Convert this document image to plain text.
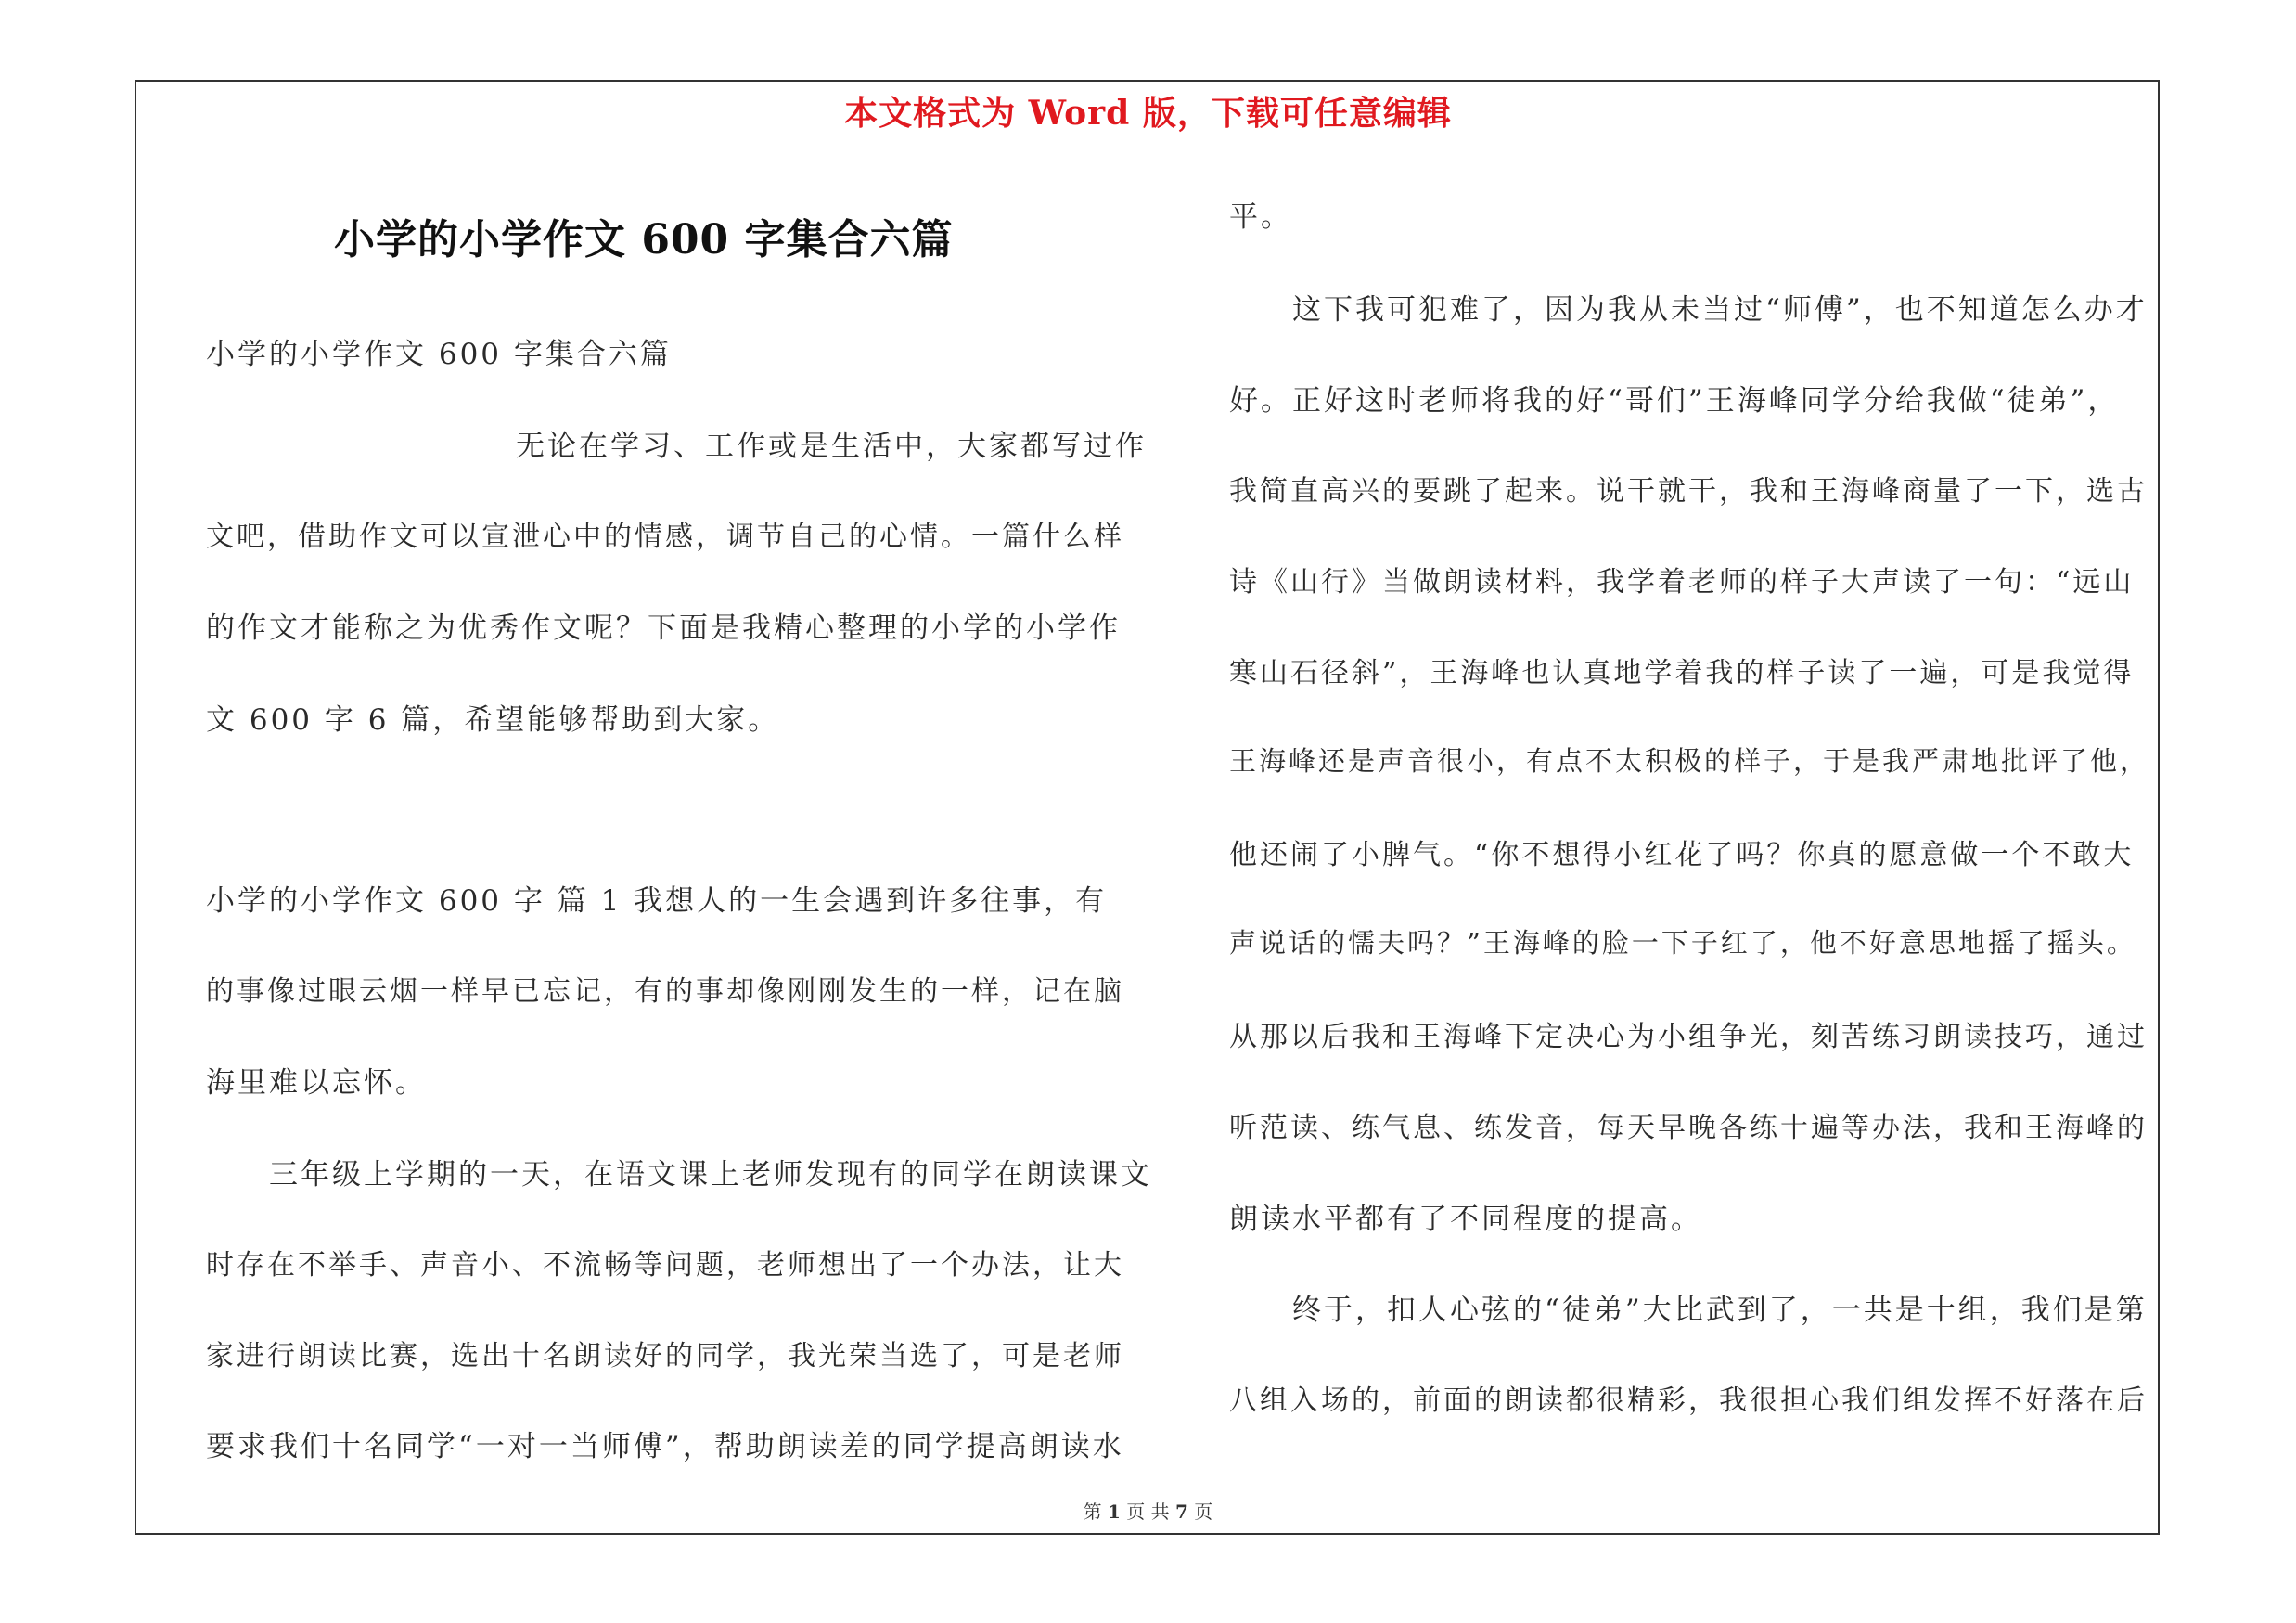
本文格式为 Word 版，下载可任意编辑
小学的小学作文 600 字集合六篇
小学的小学作文 600 字集合六篇
无论在学习、工作或是生活中，大家都写过作
文吧，借助作文可以宣泄心中的情感，调节自己的心情。一篇什么样
的作文才能称之为优秀作文呢？下面是我精心整理的小学的小学作
文 600 字 6 篇，希望能够帮助到大家。
小学的小学作文 600 字 篇 1 我想人的一生会遇到许多往事，有
的事像过眼云烟一样早已忘记，有的事却像刚刚发生的一样，记在脑
海里难以忘怀。
三年级上学期的一天，在语文课上老师发现有的同学在朗读课文
时存在不举手、声音小、不流畅等问题，老师想出了一个办法，让大
家进行朗读比赛，选出十名朗读好的同学，我光荣当选了，可是老师
要求我们十名同学“一对一当师傅”，帮助朗读差的同学提高朗读水
平。
这下我可犯难了，因为我从未当过“师傅”，也不知道怎么办才
好。正好这时老师将我的好“哥们”王海峰同学分给我做“徒弟”，
我简直高兴的要跳了起来。说干就干，我和王海峰商量了一下，选古
诗《山行》当做朗读材料，我学着老师的样子大声读了一句：“远山
寒山石径斜”，王海峰也认真地学着我的样子读了一遍，可是我觉得
王海峰还是声音很小，有点不太积极的样子，于是我严肃地批评了他，
他还闹了小脾气。“你不想得小红花了吗？你真的愿意做一个不敢大
声说话的懦夫吗？”王海峰的脸一下子红了，他不好意思地摇了摇头。
从那以后我和王海峰下定决心为小组争光，刻苦练习朗读技巧，通过
听范读、练气息、练发音，每天早晚各练十遍等办法，我和王海峰的
朗读水平都有了不同程度的提高。
终于，扣人心弦的“徒弟”大比武到了，一共是十组，我们是第
八组入场的，前面的朗读都很精彩，我很担心我们组发挥不好落在后
第 1 页 共 7 页
